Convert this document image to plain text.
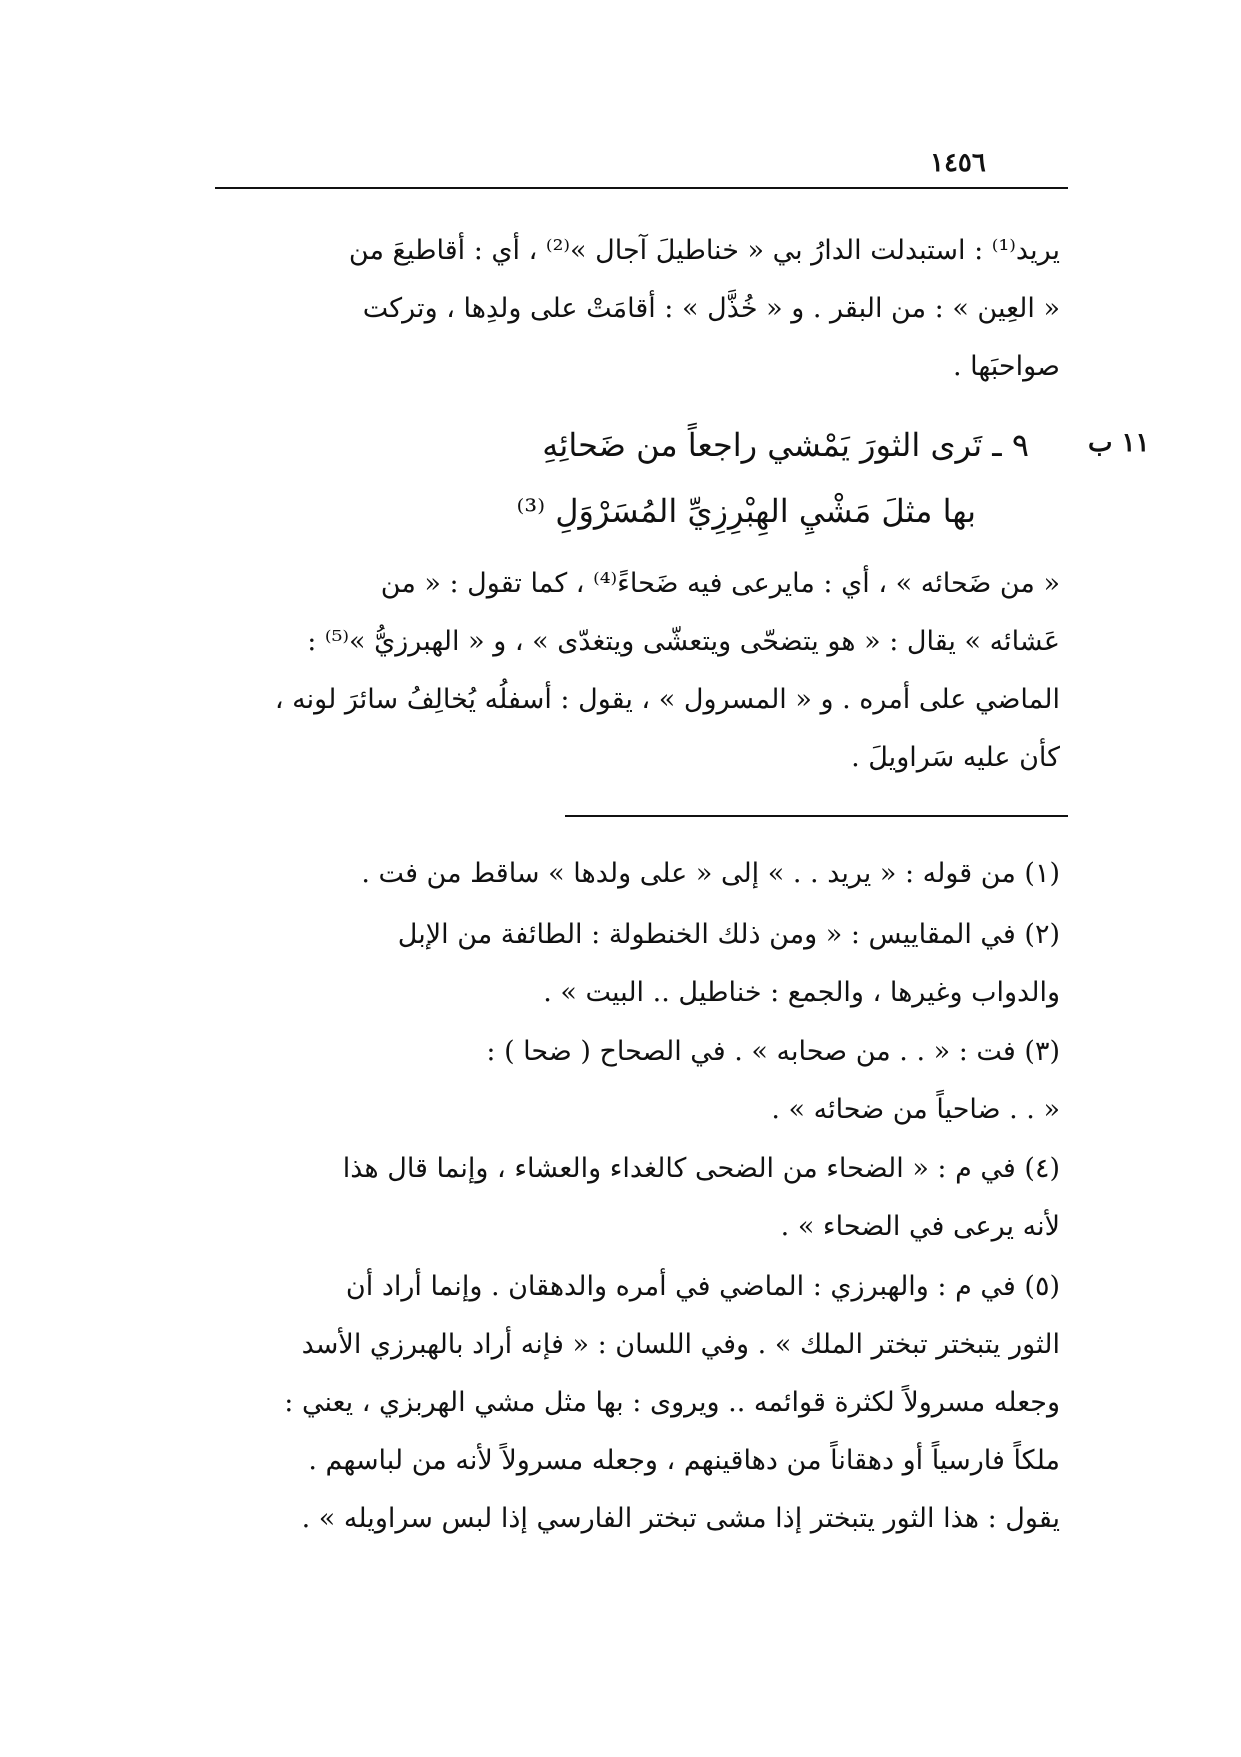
١٤٥٦
يريد⁽¹⁾ : استبدلت الدارُ بي « خناطيلَ آجال »⁽²⁾ ، أي : أقاطيعَ من
« العِين » : من البقر . و « خُذَّل » : أقامَتْ على ولدِها ، وتركت
صواحبَها .
١١ ب
٩ ـ تَرى الثورَ يَمْشي راجعاً من ضَحائِهِ
بها مثلَ مَشْيِ الهِبْرِزِيِّ المُسَرْوَلِ ⁽³⁾
« من ضَحائه » ، أي : مايرعى فيه ضَحاءً⁽⁴⁾ ، كما تقول : « من
عَشائه » يقال : « هو يتضحّى ويتعشّى ويتغدّى » ، و « الهبرزيُّ »⁽⁵⁾ :
الماضي على أمره . و « المسرول » ، يقول : أسفلُه يُخالِفُ سائرَ لونه ،
كأن عليه سَراويلَ .
(١) من قوله : « يريد . . » إلى « على ولدها » ساقط من فت .
(٢) في المقاييس : « ومن ذلك الخنطولة : الطائفة من الإبل
والدواب وغيرها ، والجمع : خناطيل .. البيت » .
(٣) فت : « . . من صحابه » . في الصحاح ( ضحا ) :
« . . ضاحياً من ضحائه » .
(٤) في م : « الضحاء من الضحى كالغداء والعشاء ، وإنما قال هذا
لأنه يرعى في الضحاء » .
(٥) في م : والهبرزي : الماضي في أمره والدهقان . وإنما أراد أن
الثور يتبختر تبختر الملك » . وفي اللسان : « فإنه أراد بالهبرزي الأسد
وجعله مسرولاً لكثرة قوائمه .. ويروى : بها مثل مشي الهربزي ، يعني :
ملكاً فارسياً أو دهقاناً من دهاقينهم ، وجعله مسرولاً لأنه من لباسهم .
يقول : هذا الثور يتبختر إذا مشى تبختر الفارسي إذا لبس سراويله » .
